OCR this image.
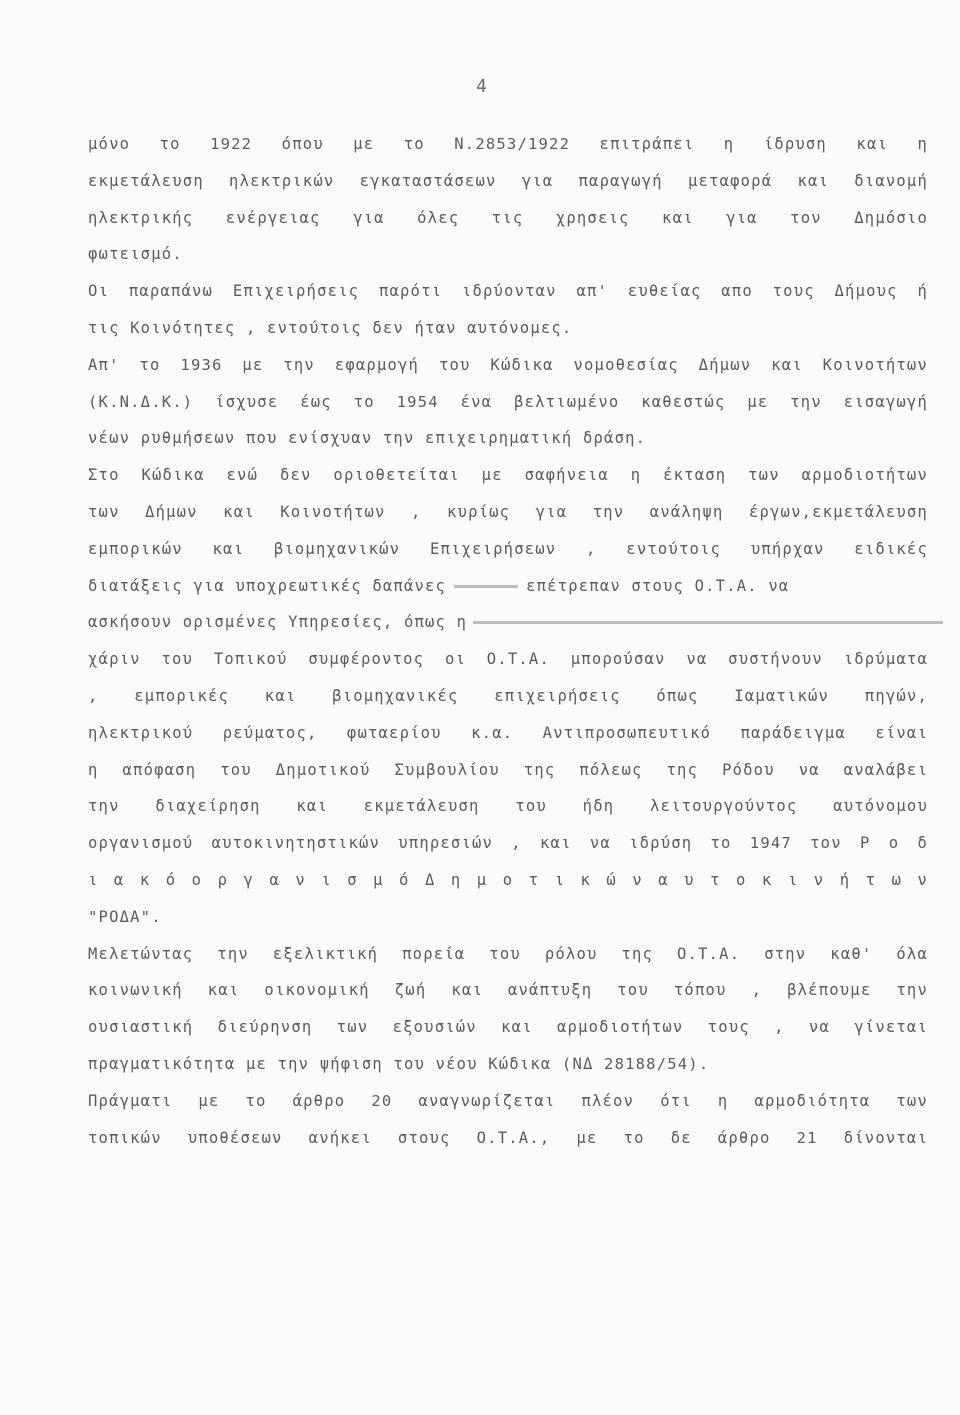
4
μόνο το 1922 όπου με το Ν.2853/1922 επιτράπει η ίδρυση και η
εκμετάλευση ηλεκτρικών εγκαταστάσεων για παραγωγή μεταφορά και διανομή
ηλεκτρικής ενέργειας για όλες τις χρησεις και για τον Δημόσιο
φωτεισμό.
Οι παραπάνω Επιχειρήσεις παρότι ιδρύονταν απ' ευθείας απο τους Δήμους ή
τις Κοινότητες , εντούτοις δεν ήταν αυτόνομες.
Απ' το 1936 με την εφαρμογή του Κώδικα νομοθεσίας Δήμων και Κοινοτήτων
(Κ.Ν.Δ.Κ.) ίσχυσε έως το 1954 ένα βελτιωμένο καθεστώς με την εισαγωγή
νέων ρυθμήσεων που ενίσχυαν την επιχειρηματική δράση.
Στο Κώδικα ενώ δεν οριοθετείται με σαφήνεια η έκταση των αρμοδιοτήτων
των Δήμων και Κοινοτήτων , κυρίως για την ανάληψη έργων,εκμετάλευση
εμπορικών και βιομηχανικών Επιχειρήσεων , εντούτοις υπήρχαν ειδικές
διατάξεις για υποχρεωτικές δαπάνες	επέτρεπαν στους Ο.Τ.Α. να
ασκήσουν ορισμένες Υπηρεσίες, όπως η
χάριν του Τοπικού συμφέροντος οι Ο.Τ.Α. μπορούσαν να συστήνουν ιδρύματα
, εμπορικές και βιομηχανικές επιχειρήσεις όπως Ιαματικών πηγών,
ηλεκτρικού ρεύματος, φωταερίου κ.α. Αντιπροσωπευτικό παράδειγμα είναι
η απόφαση του Δημοτικού Συμβουλίου της πόλεως της Ρόδου να αναλάβει
την διαχείρηση και εκμετάλευση του ήδη λειτουργούντος αυτόνομου
οργανισμού αυτοκινητηστικών υπηρεσιών , και να ιδρύση το 1947 τον Ρ ο δ
ι α κ ό ο ρ γ α ν ι σ μ ό Δ η μ ο τ ι κ ώ ν α υ τ ο κ ι ν ή τ ω ν
"ΡΟΔΑ".
Μελετώντας την εξελικτική πορεία του ρόλου της Ο.Τ.Α. στην καθ' όλα
κοινωνική και οικονομική ζωή και ανάπτυξη του τόπου , βλέπουμε την
ουσιαστική διεύρηνση των εξουσιών και αρμοδιοτήτων τους , να γίνεται
πραγματικότητα με την ψήφιση του νέου Κώδικα (ΝΔ 28188/54).
Πράγματι με το άρθρο 20 αναγνωρίζεται πλέον ότι η αρμοδιότητα των
τοπικών υποθέσεων ανήκει στους Ο.Τ.Α., με το δε άρθρο 21 δίνονται
